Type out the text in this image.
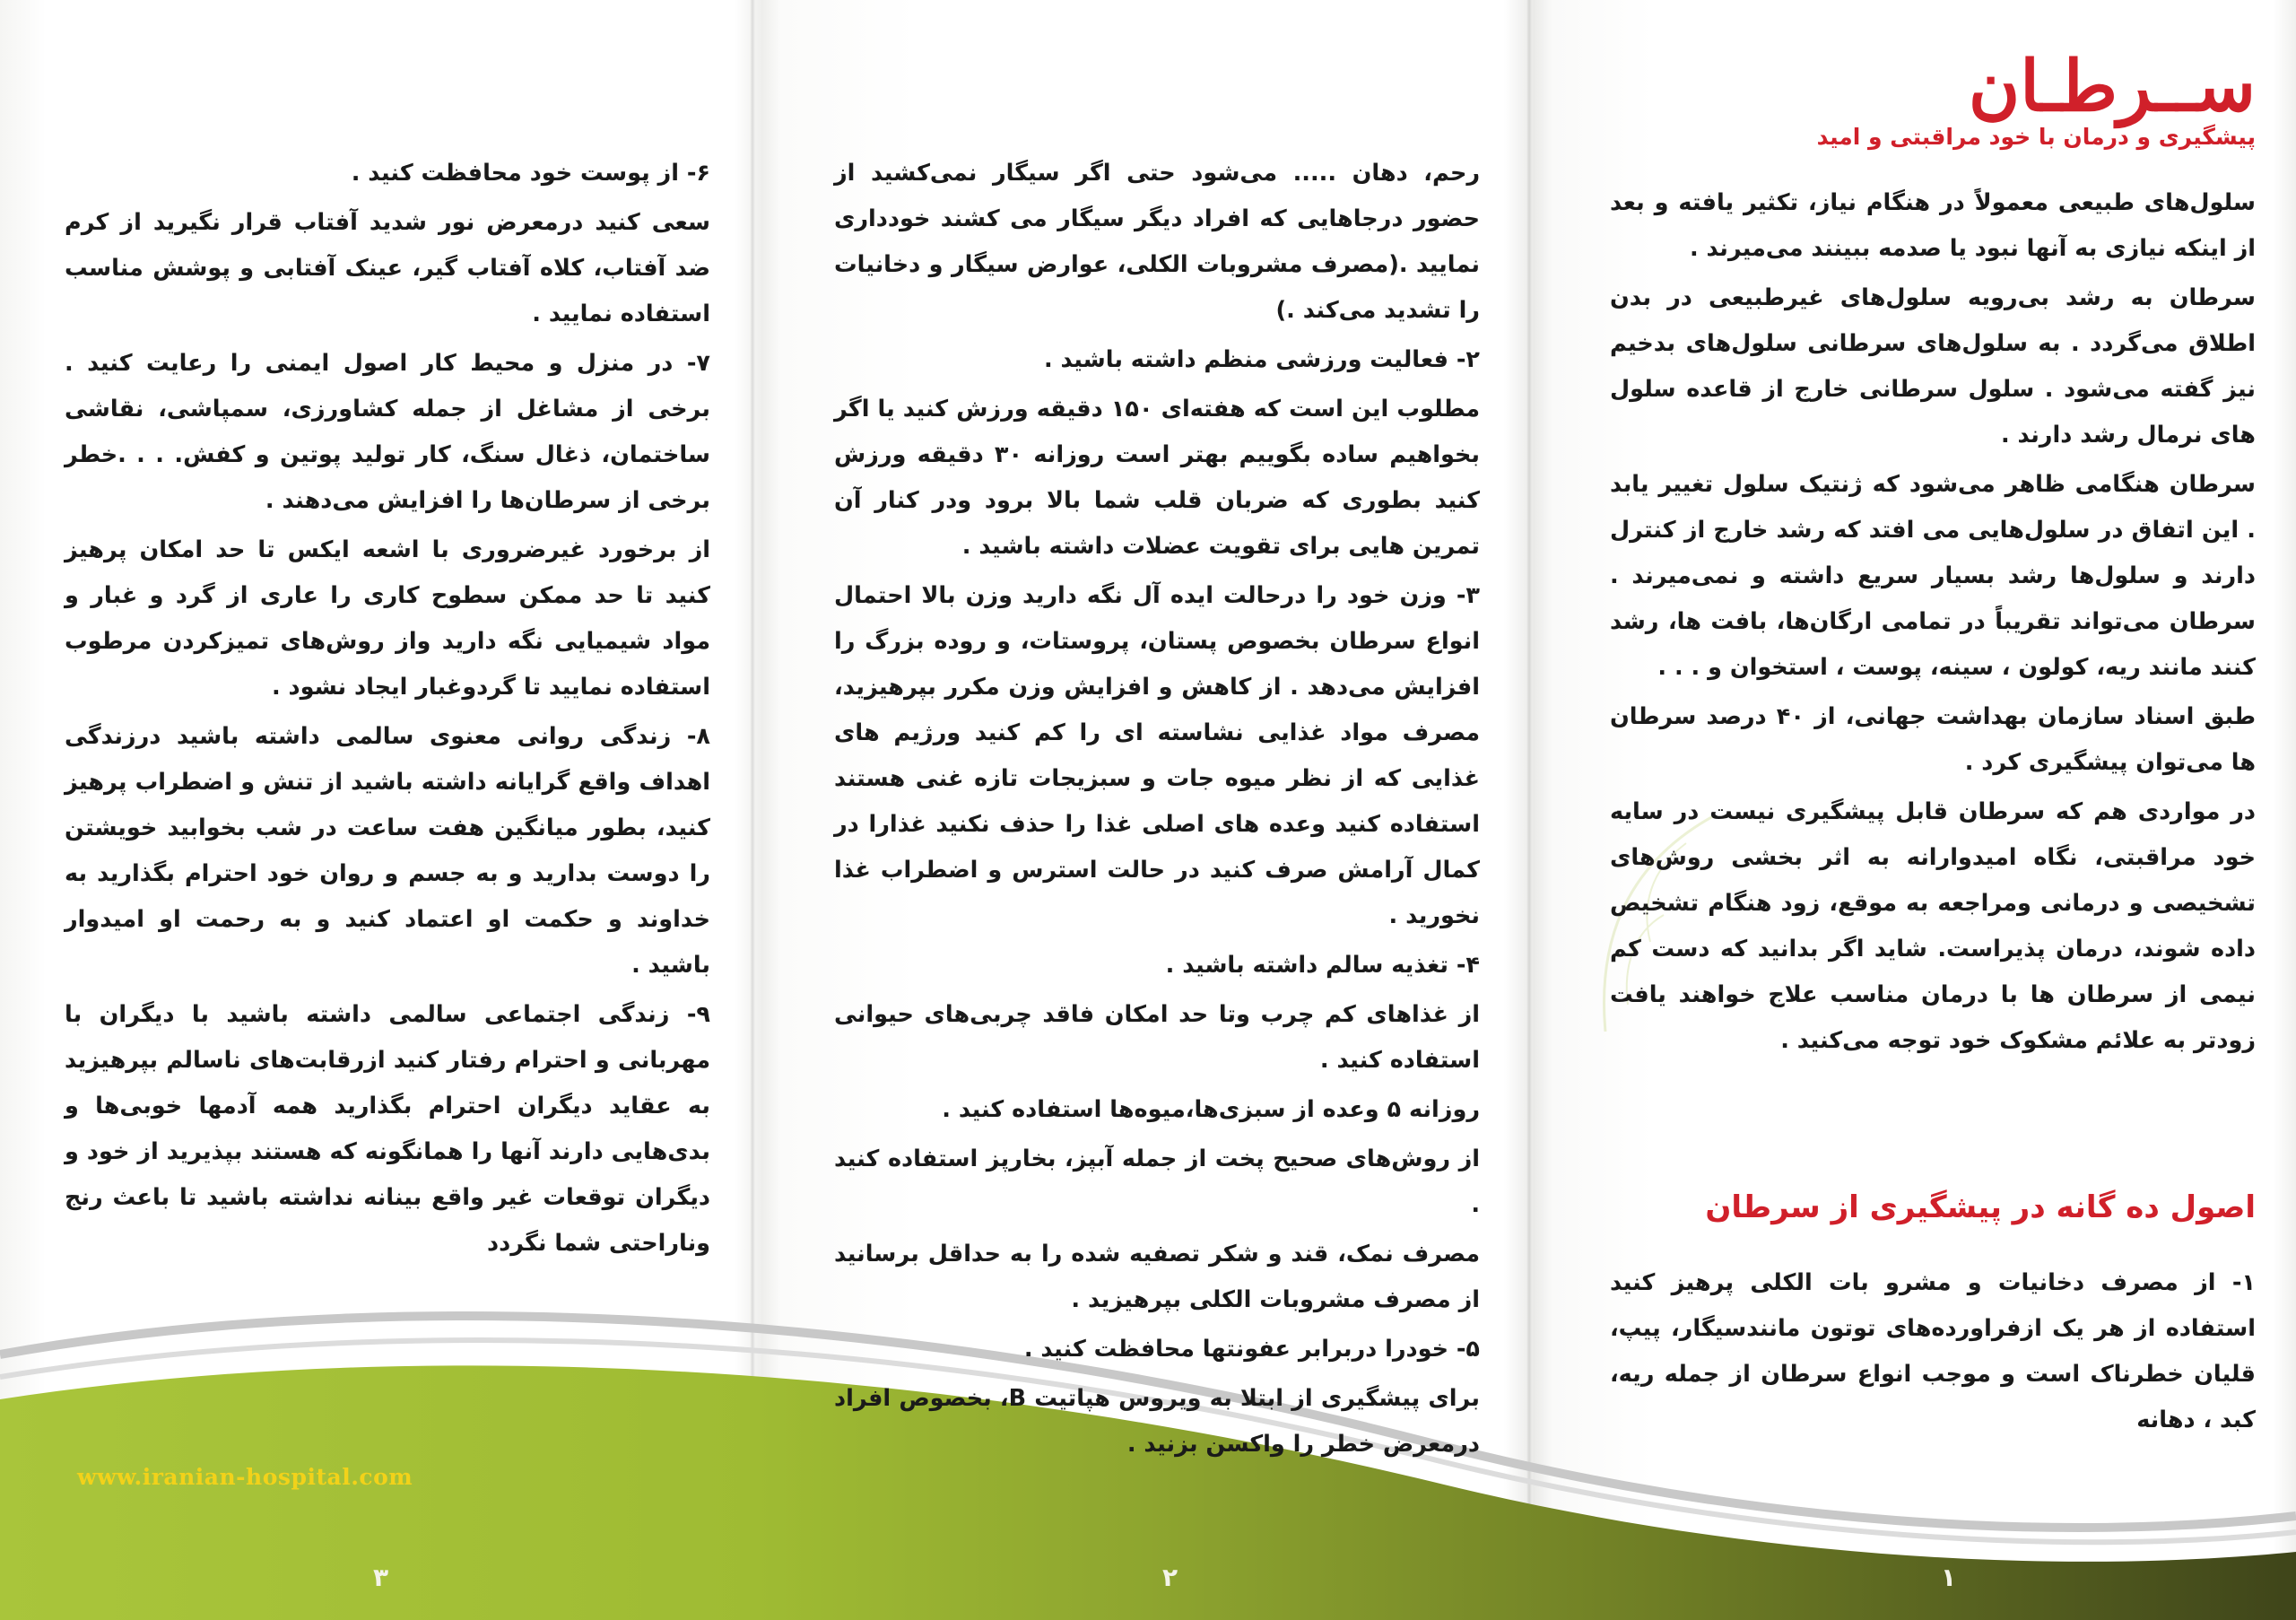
ســرطـان

پیشگیری و درمان با خود مراقبتی و امید

سلول‌های طبیعی معمولاً در هنگام نیاز، تکثیر یافته و بعد از اینکه نیازی به آنها نبود یا صدمه ببینند می‌میرند .

سرطان به رشد بی‌رویه سلول‌های غیرطبیعی در بدن اطلاق می‌گردد . به سلول‌های سرطانی سلول‌های بدخیم نیز گفته می‌شود . سلول سرطانی خارج از قاعده سلول های نرمال رشد دارند .

سرطان هنگامی ظاهر می‌شود که ژنتیک سلول تغییر یابد . این اتفاق در سلول‌هایی می افتد که رشد خارج از کنترل دارند و سلول‌ها رشد بسیار سریع داشته و نمی‌میرند . سرطان می‌تواند تقریباً در تمامی ارگان‌ها، بافت ها، رشد کنند مانند ریه، کولون ، سینه، پوست ، استخوان و . . .

طبق اسناد سازمان بهداشت جهانی، از ۴۰ درصد سرطان ها می‌توان پیشگیری کرد .

در مواردی هم که سرطان قابل پیشگیری نیست در سایه خود مراقبتی، نگاه امیدوارانه به اثر بخشی روش‌های تشخیصی و درمانی ومراجعه به موقع، زود هنگام تشخیص داده شوند، درمان پذیراست. شاید اگر بدانید که دست کم نیمی از سرطان ها با درمان مناسب علاج خواهند یافت زودتر به علائم مشکوک خود توجه می‌کنید .

اصول ده گانه در پیشگیری از سرطان

۱- از مصرف دخانیات و مشرو بات الکلی پرهیز کنید استفاده از هر یک ازفراورده‌های توتون مانندسیگار، پیپ، قلیان خطرناک است و موجب انواع سرطان از جمله ریه، کبد ، دهانه

رحم، دهان ..... می‌شود حتی اگر سیگار نمی‌کشید از حضور درجاهایی که افراد دیگر سیگار می کشند خودداری نمایید .(مصرف مشروبات الکلی، عوارض سیگار و دخانیات را تشدید می‌کند .)

۲- فعالیت ورزشی منظم داشته باشید .

مطلوب این است که هفته‌ای ۱۵۰ دقیقه ورزش کنید یا اگر بخواهیم ساده بگوییم بهتر است روزانه ۳۰ دقیقه ورزش کنید بطوری که ضربان قلب شما بالا برود ودر کنار آن تمرین هایی برای تقویت عضلات داشته باشید .

۳- وزن خود را درحالت ایده آل نگه دارید وزن بالا احتمال انواع سرطان بخصوص پستان، پروستات، و روده بزرگ را افزایش می‌دهد . از کاهش و افزایش وزن مکرر بپرهیزید، مصرف مواد غذایی نشاسته ای را کم کنید ورژیم های غذایی که از نظر میوه جات و سبزیجات تازه غنی هستند استفاده کنید وعده های اصلی غذا را حذف نکنید غذارا در کمال آرامش صرف کنید در حالت استرس و اضطراب غذا نخورید .

۴- تغذیه سالم داشته باشید .

از غذاهای کم چرب وتا حد امکان فاقد چربی‌های حیوانی استفاده کنید .

روزانه ۵ وعده از سبزی‌ها،میوه‌ها استفاده کنید .

از روش‌های صحیح پخت از جمله آبپز، بخارپز استفاده کنید .

مصرف نمک، قند و شکر تصفیه شده را به حداقل برسانید از مصرف مشروبات الکلی بپرهیزید .

۵- خودرا دربرابر عفونتها محافظت کنید .

برای پیشگیری از ابتلا به ویروس هپاتیت B، بخصوص افراد درمعرض خطر را واکسن بزنید .

۶- از پوست خود محافظت کنید .

سعی کنید درمعرض نور شدید آفتاب قرار نگیرید از کرم ضد آفتاب، کلاه آفتاب گیر، عینک آفتابی و پوشش مناسب استفاده نمایید .

۷- در منزل و محیط کار اصول ایمنی را رعایت کنید . برخی از مشاغل از جمله کشاورزی، سمپاشی، نقاشی ساختمان، ذغال سنگ، کار تولید پوتین و کفش. . . .خطر برخی از سرطان‌ها را افزایش می‌دهند .

از برخورد غیرضروری با اشعه ایکس تا حد امکان پرهیز کنید تا حد ممکن سطوح کاری را عاری از گرد و غبار و مواد شیمیایی نگه دارید واز روش‌های تمیزکردن مرطوب استفاده نمایید تا گردوغبار ایجاد نشود .

۸- زندگی روانی معنوی سالمی داشته باشید درزندگی اهداف واقع گرایانه داشته باشید از تنش و اضطراب پرهیز کنید، بطور میانگین هفت ساعت در شب بخوابید خویشتن را دوست بدارید و به جسم و روان خود احترام بگذارید به خداوند و حکمت او اعتماد کنید و به رحمت او امیدوار باشید .

۹- زندگی اجتماعی سالمی داشته باشید با دیگران با مهربانی و احترام رفتار کنید ازرقابت‌های ناسالم بپرهیزید به عقاید دیگران احترام بگذارید همه آدمها خوبی‌ها و بدی‌هایی دارند آنها را همانگونه که هستند بپذیرید از خود و دیگران توقعات غیر واقع بینانه نداشته باشید تا باعث رنج وناراحتی شما نگردد

www.iranian-hospital.com
۱
۲
۳
